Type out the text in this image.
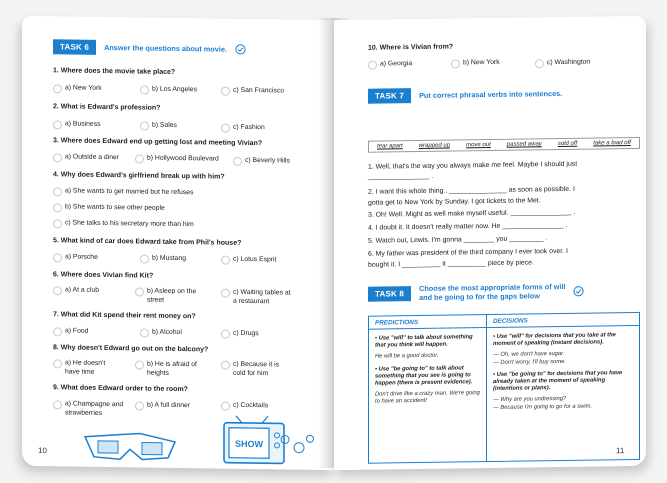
TASK 6	Answer the questions about movie.
1. Where does the movie take place?
a) New York	b) Los Angeles	c) San Francisco
2. What is Edward's profession?
a) Business	b) Sales	c) Fashion
3. Where does Edward end up getting lost and meeting Vivian?
a) Outside a diner	b) Hollywood Boulevard	c) Beverly Hills
4. Why does Edward's girlfriend break up with him?
a) She wants to get married but he refuses
b) She wants to see other people
c) She talks to his secretary more than him
5. What kind of car does Edward take from Phil's house?
a) Porsche	b) Mustang	c) Lotus Esprit
6. Where does Vivian find Kit?
a) At a club	b) Asleep on the street
c) Waiting tables at a restaurant
7. What did Kit spend their rent money on?
a) Food	b) Alcohol	c) Drugs
8. Why doesn't Edward go out on the balcony?
a) He doesn't have time
b) He is afraid of heights
c) Because it is cold for him
9. What does Edward order to the room?
a) Champagne and strawberries
b) A full dinner	c) Cocktails
SHOW
10
10. Where is Vivian from?
a) Georgia	b) New York	c) Washington
TASK 7	Put correct phrasal verbs into sentences.
tear apart	wrapped up	move out	passed away	sold off	take a load off
1. Well, that's the way you always make me feel. Maybe I should just
________________ .
2. I want this whole thing.. _______________ as soon as possible. I
gotta get to New York by Sunday. I got tickets to the Met.
3. Oh! Well. Might as well make myself useful. ________________ .
4. I doubt it. It doesn't really matter now. He ________________ .
5. Watch out, Lewis. I'm gonna ________ you _________ .
6. My father was president of the third company I ever took over. I
bought it. I __________ it __________ piece by piece.
TASK 8
Choose the most appropriate forms of will
and be going to for the gaps below
PREDICTIONS
• Use "will" to talk about something that you think will happen.
He will be a good doctor.
• Use "be going to" to talk about something that you see is going to happen (there is present evidence).
Don't drive like a crazy man. We're going to have an accident!
DECISIONS
• Use "will" for decisions that you take at the moment of speaking (instant decisions).
— Oh, we don't have sugar.
— Don't worry, I'll buy some.
• Use "be going to" for decisions that you have already taken at the moment of speaking (intentions or plans).
— Why are you undressing?
— Because I'm going to go for a swim.
11
